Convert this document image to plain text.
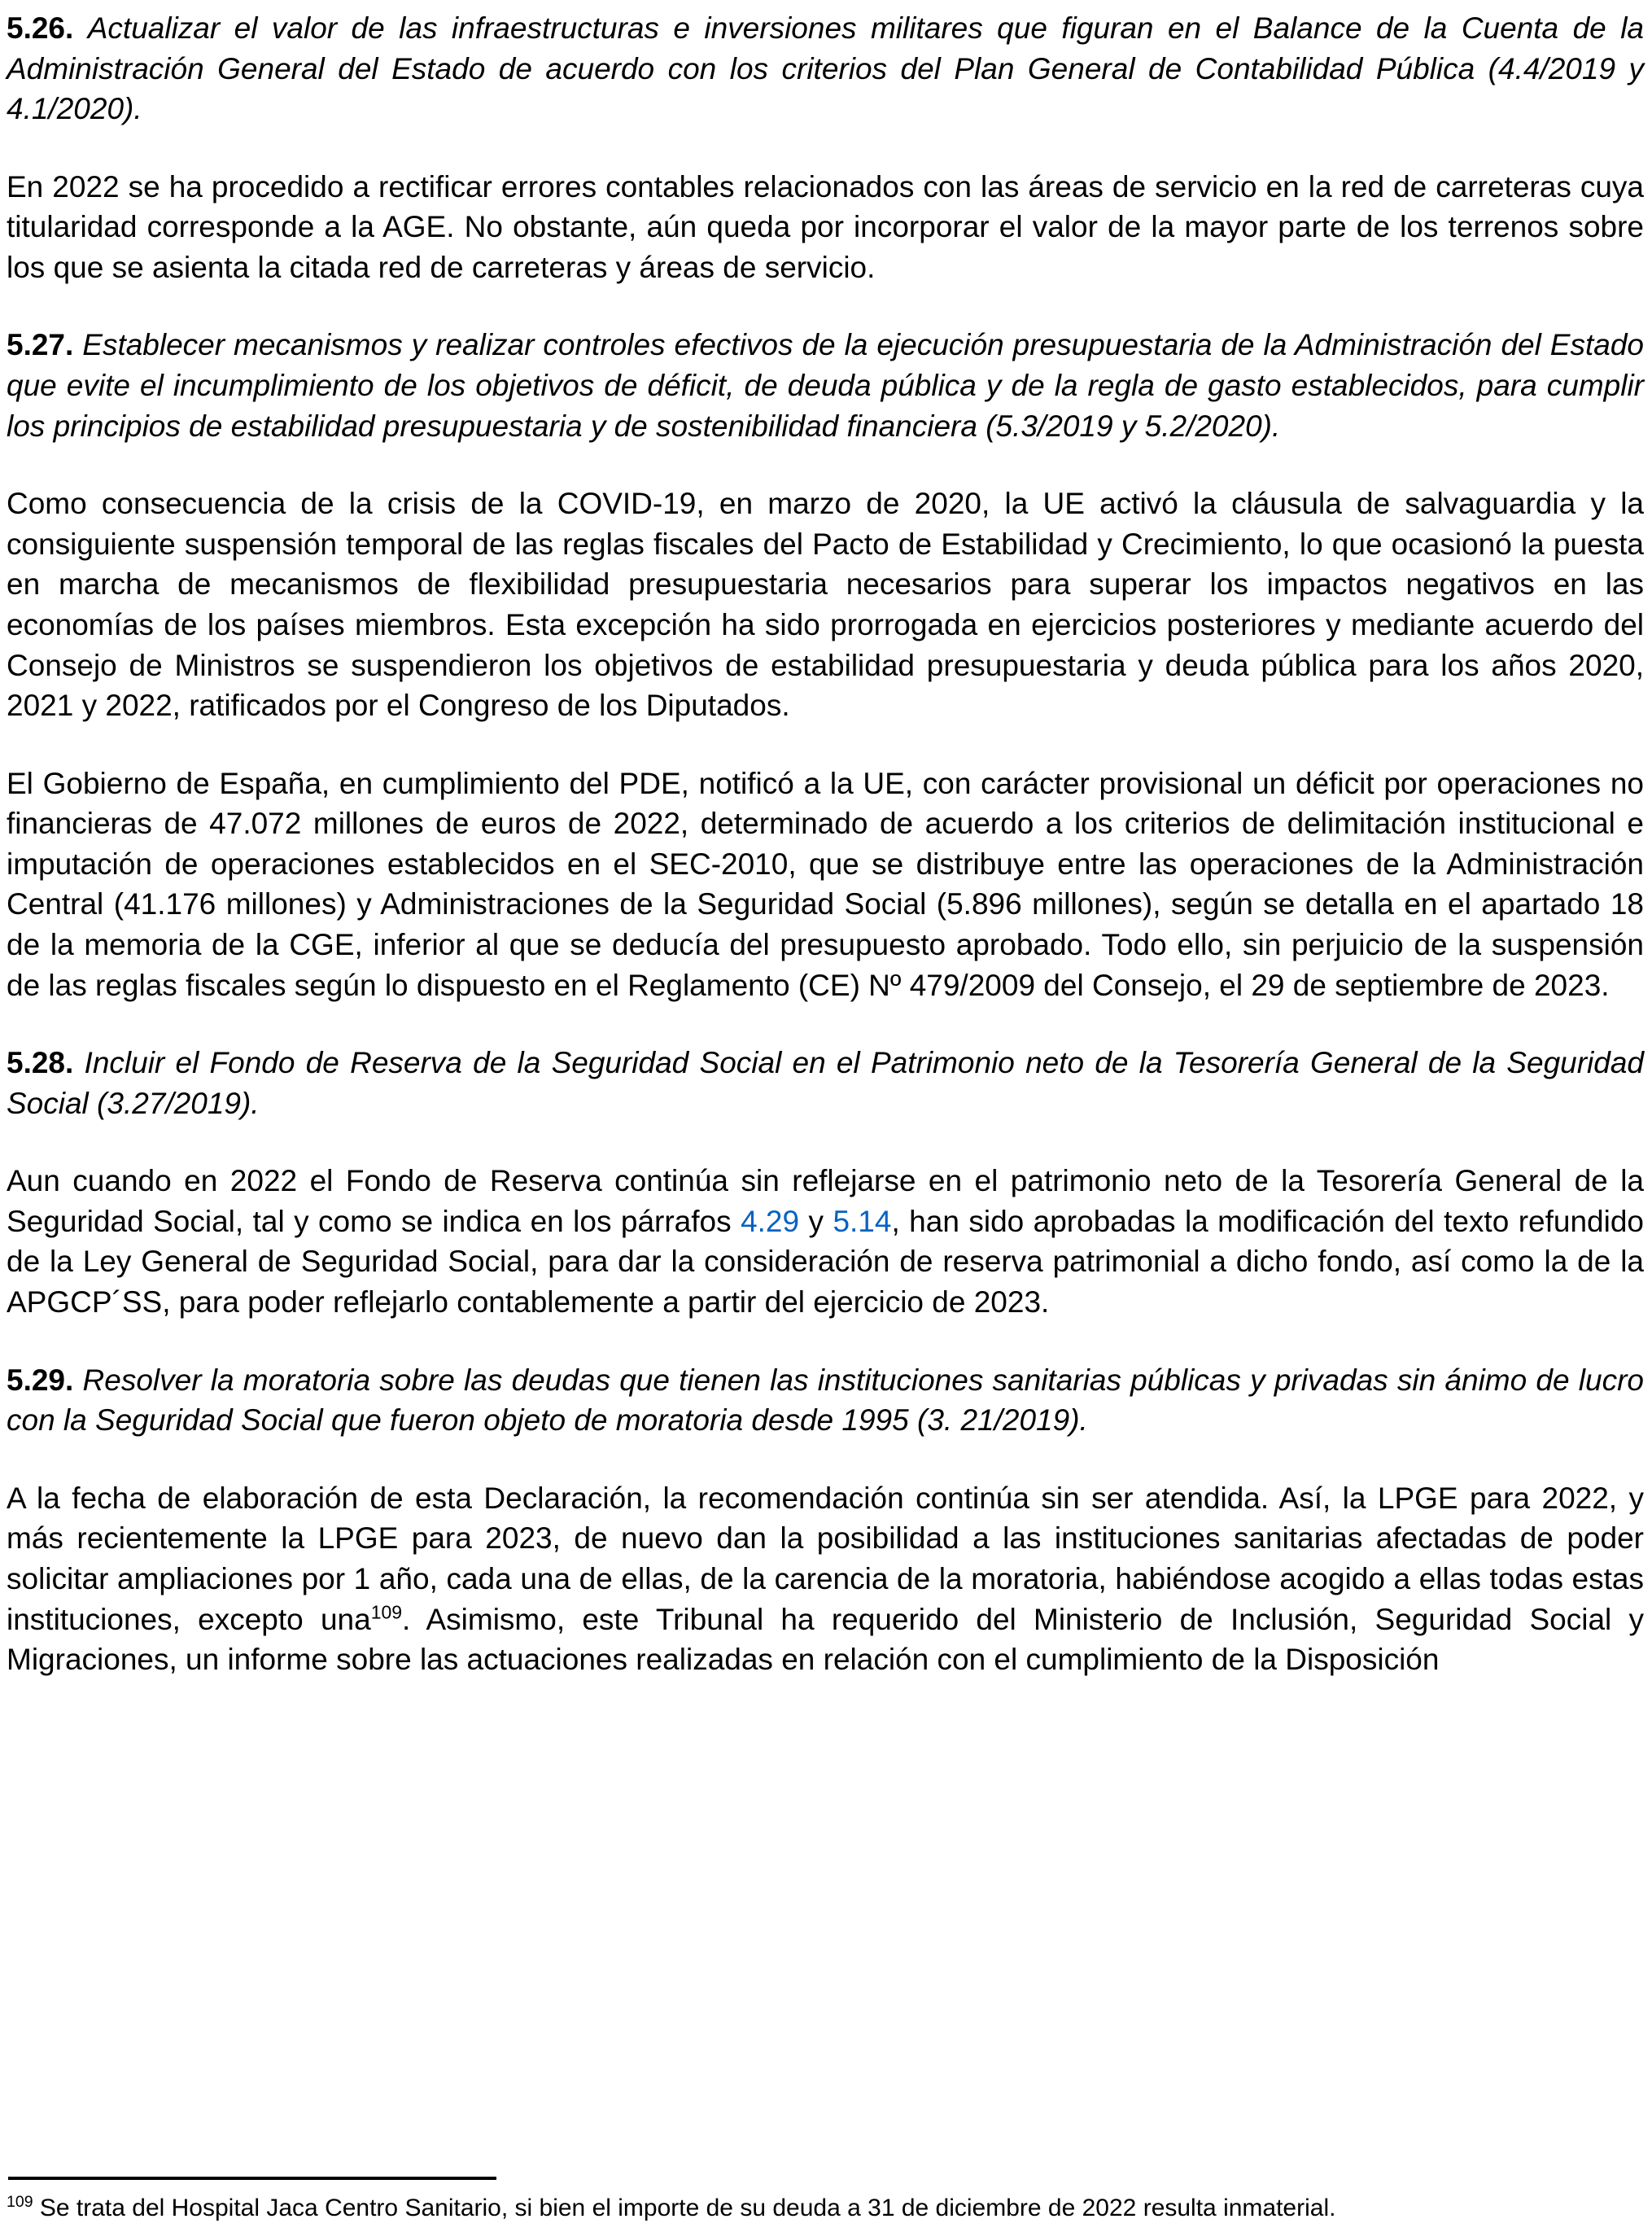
5.26. Actualizar el valor de las infraestructuras e inversiones militares que figuran en el Balance de la Cuenta de la Administración General del Estado de acuerdo con los criterios del Plan General de Contabilidad Pública (4.4/2019 y 4.1/2020).

En 2022 se ha procedido a rectificar errores contables relacionados con las áreas de servicio en la red de carreteras cuya titularidad corresponde a la AGE. No obstante, aún queda por incorporar el valor de la mayor parte de los terrenos sobre los que se asienta la citada red de carreteras y áreas de servicio.

5.27. Establecer mecanismos y realizar controles efectivos de la ejecución presupuestaria de la Administración del Estado que evite el incumplimiento de los objetivos de déficit, de deuda pública y de la regla de gasto establecidos, para cumplir los principios de estabilidad presupuestaria y de sostenibilidad financiera (5.3/2019 y 5.2/2020).

Como consecuencia de la crisis de la COVID-19, en marzo de 2020, la UE activó la cláusula de salvaguardia y la consiguiente suspensión temporal de las reglas fiscales del Pacto de Estabilidad y Crecimiento, lo que ocasionó la puesta en marcha de mecanismos de flexibilidad presupuestaria necesarios para superar los impactos negativos en las economías de los países miembros. Esta excepción ha sido prorrogada en ejercicios posteriores y mediante acuerdo del Consejo de Ministros se suspendieron los objetivos de estabilidad presupuestaria y deuda pública para los años 2020, 2021 y 2022, ratificados por el Congreso de los Diputados.

El Gobierno de España, en cumplimiento del PDE, notificó a la UE, con carácter provisional un déficit por operaciones no financieras de 47.072 millones de euros de 2022, determinado de acuerdo a los criterios de delimitación institucional e imputación de operaciones establecidos en el SEC-2010, que se distribuye entre las operaciones de la Administración Central (41.176 millones) y Administraciones de la Seguridad Social (5.896 millones), según se detalla en el apartado 18 de la memoria de la CGE, inferior al que se deducía del presupuesto aprobado. Todo ello, sin perjuicio de la suspensión de las reglas fiscales según lo dispuesto en el Reglamento (CE) Nº 479/2009 del Consejo, el 29 de septiembre de 2023.

5.28. Incluir el Fondo de Reserva de la Seguridad Social en el Patrimonio neto de la Tesorería General de la Seguridad Social (3.27/2019).

Aun cuando en 2022 el Fondo de Reserva continúa sin reflejarse en el patrimonio neto de la Tesorería General de la Seguridad Social, tal y como se indica en los párrafos 4.29 y 5.14, han sido aprobadas la modificación del texto refundido de la Ley General de Seguridad Social, para dar la consideración de reserva patrimonial a dicho fondo, así como la de la APGCP´SS, para poder reflejarlo contablemente a partir del ejercicio de 2023.

5.29. Resolver la moratoria sobre las deudas que tienen las instituciones sanitarias públicas y privadas sin ánimo de lucro con la Seguridad Social que fueron objeto de moratoria desde 1995 (3. 21/2019).

A la fecha de elaboración de esta Declaración, la recomendación continúa sin ser atendida. Así, la LPGE para 2022, y más recientemente la LPGE para 2023, de nuevo dan la posibilidad a las instituciones sanitarias afectadas de poder solicitar ampliaciones por 1 año, cada una de ellas, de la carencia de la moratoria, habiéndose acogido a ellas todas estas instituciones, excepto una$^{109}$. Asimismo, este Tribunal ha requerido del Ministerio de Inclusión, Seguridad Social y Migraciones, un informe sobre las actuaciones realizadas en relación con el cumplimiento de la Disposición

$^{109}$ Se trata del Hospital Jaca Centro Sanitario, si bien el importe de su deuda a 31 de diciembre de 2022 resulta inmaterial.
